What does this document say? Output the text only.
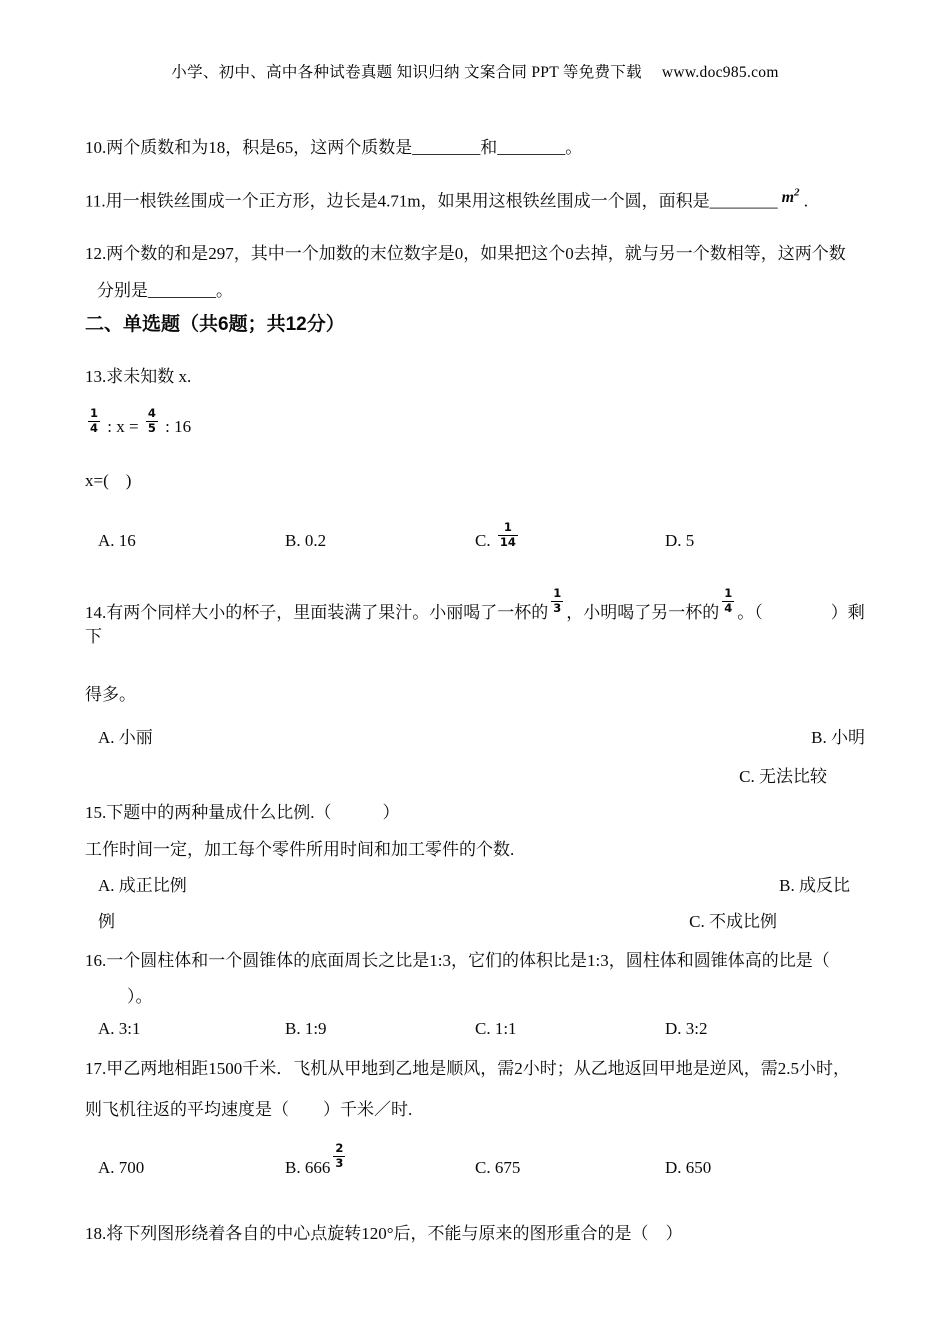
小学、初中、高中各种试卷真题 知识归纳 文案合同 PPT 等免费下载　 www.doc985.com

10.两个质数和为18，积是65，这两个质数是________和________。

11.用一根铁丝围成一个正方形，边长是4.71m，如果用这根铁丝围成一个圆，面积是________ $m^2$ .

12.两个数的和是297，其中一个加数的末位数字是0，如果把这个0去掉，就与另一个数相等，这两个数

分别是________。

二、单选题（共6题；共12分）

13.求未知数 x.

$\frac{1}{4}$ : $x = \frac{4}{5}$ : 16

x=(　)

A. 16	B. 0.2	C. $\frac{1}{14}$	D. 5

14.有两个同样大小的杯子，里面装满了果汁。小丽喝了一杯的 $\frac{1}{3}$ ，小明喝了另一杯的 $\frac{1}{4}$ 。（　　　　）剩下

得多。

A. 小丽	B. 小明
C. 无法比较

15.下题中的两种量成什么比例.（　　　）

工作时间一定，加工每个零件所用时间和加工零件的个数.

A. 成正比例	B. 成反比
例	C. 不成比例

16.一个圆柱体和一个圆锥体的底面周长之比是1:3，它们的体积比是1:3，圆柱体和圆锥体高的比是（

）。

A. 3:1	B. 1:9	C. 1:1	D. 3:2

17.甲乙两地相距1500千米．飞机从甲地到乙地是顺风，需2小时；从乙地返回甲地是逆风，需2.5小时，

则飞机往返的平均速度是（　　）千米／时.

A. 700	B. $666 \frac{2}{3}$	C. 675	D. 650

18.将下列图形绕着各自的中心点旋转120°后，不能与原来的图形重合的是（　）
